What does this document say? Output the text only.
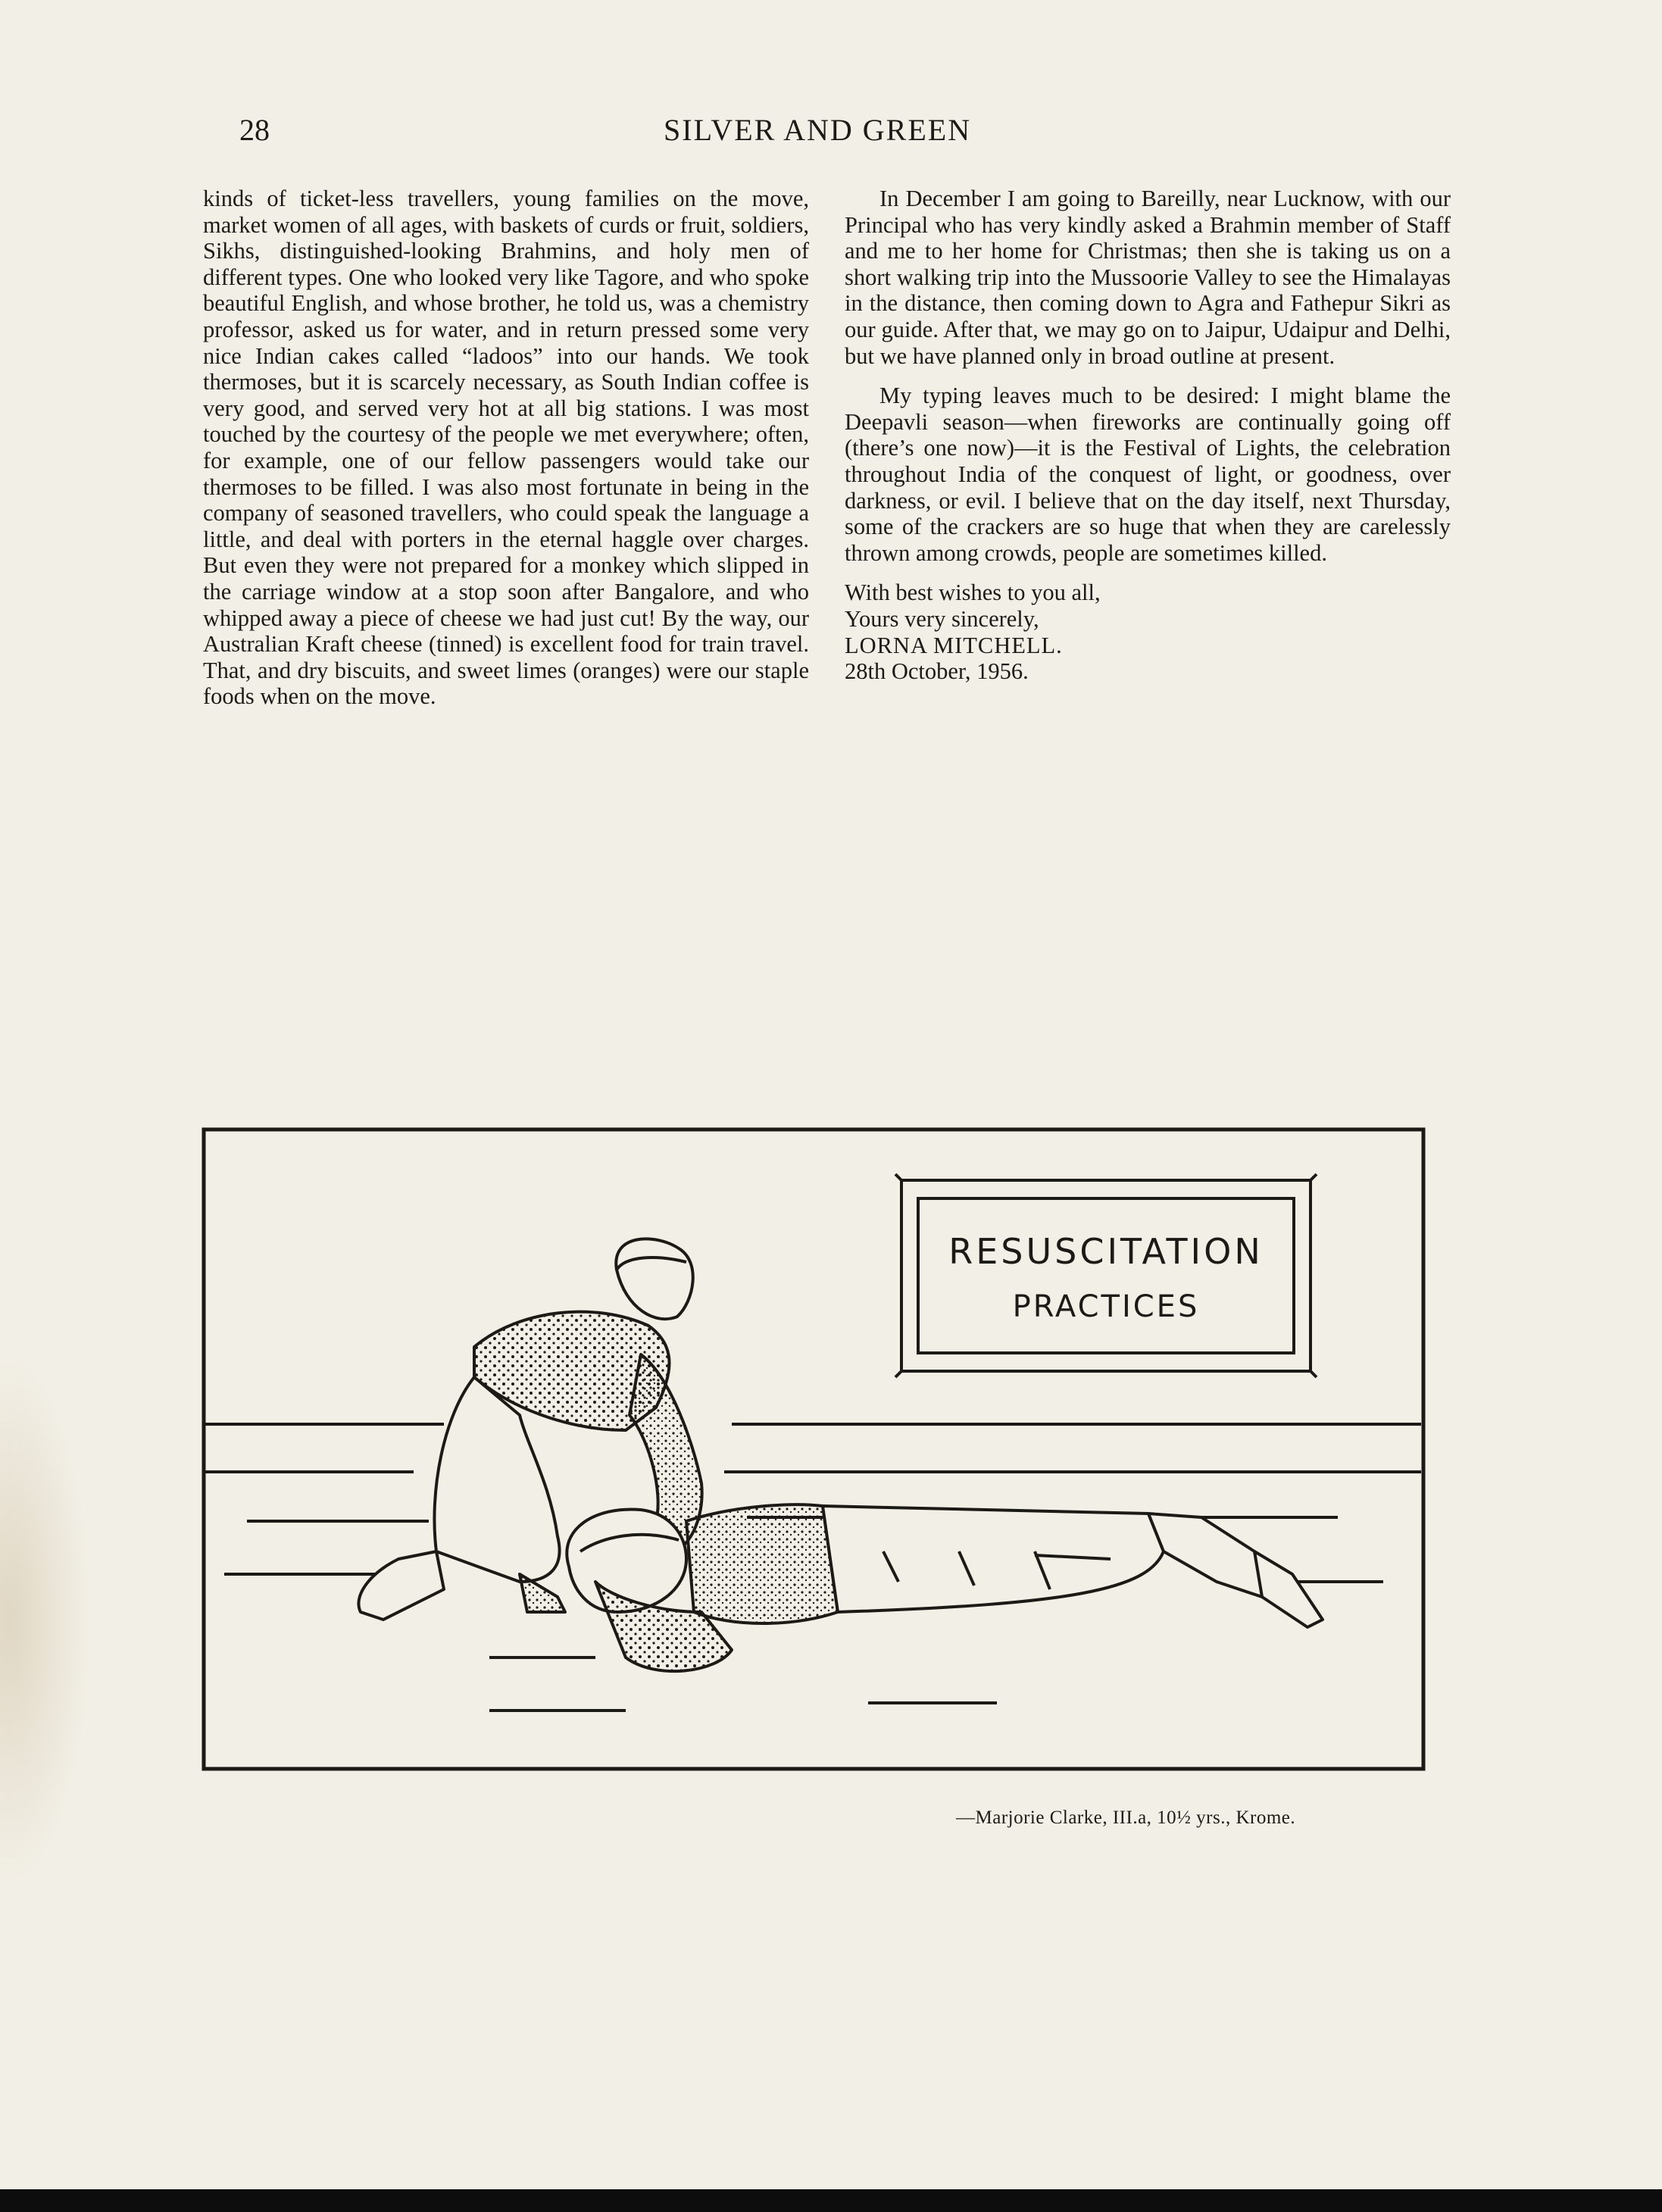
28	SILVER AND GREEN

kinds of ticket-less travellers, young families on the move, market women of all ages, with baskets of curds or fruit, soldiers, Sikhs, distinguished-looking Brahmins, and holy men of different types. One who looked very like Tagore, and who spoke beautiful English, and whose brother, he told us, was a chemistry professor, asked us for water, and in return pressed some very nice Indian cakes called “ladoos” into our hands. We took thermoses, but it is scarcely necessary, as South Indian coffee is very good, and served very hot at all big stations. I was most touched by the courtesy of the people we met everywhere; often, for example, one of our fellow passengers would take our thermoses to be filled. I was also most fortunate in being in the company of seasoned travellers, who could speak the language a little, and deal with porters in the eternal haggle over charges. But even they were not prepared for a monkey which slipped in the carriage window at a stop soon after Bangalore, and who whipped away a piece of cheese we had just cut! By the way, our Australian Kraft cheese (tinned) is excellent food for train travel. That, and dry biscuits, and sweet limes (oranges) were our staple foods when on the move.

In December I am going to Bareilly, near Lucknow, with our Principal who has very kindly asked a Brahmin member of Staff and me to her home for Christmas; then she is taking us on a short walking trip into the Mussoorie Valley to see the Himalayas in the distance, then coming down to Agra and Fathepur Sikri as our guide. After that, we may go on to Jaipur, Udaipur and Delhi, but we have planned only in broad outline at present.

My typing leaves much to be desired: I might blame the Deepavli season—when fireworks are continually going off (there’s one now)—it is the Festival of Lights, the celebration throughout India of the conquest of light, or goodness, over darkness, or evil. I believe that on the day itself, next Thursday, some of the crackers are so huge that when they are carelessly thrown among crowds, people are sometimes killed.

With best wishes to you all,

Yours very sincerely,

LORNA MITCHELL.

28th October, 1956.

RESUSCITATION
PRACTICES
—Marjorie Clarke, III.a, 10½ yrs., Krome.
